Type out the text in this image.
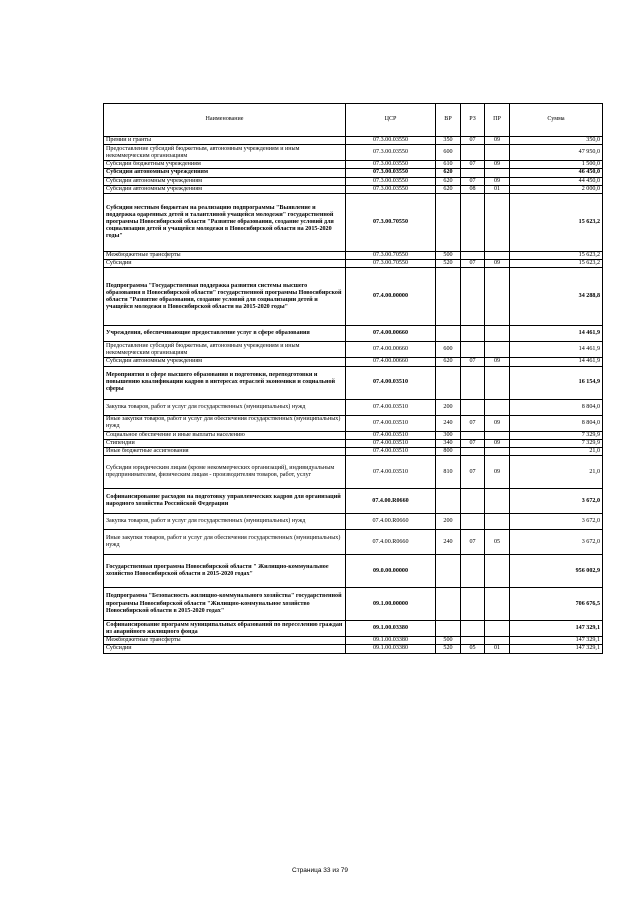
Наименование	ЦСР	ВР	РЗ	ПР	Сумма
Премии и гранты	07.3.00.03550	350	07	09	350,0
Предоставление субсидий бюджетным, автономным учреждениям и иным некоммерческим организациям	07.3.00.03550	600			47 950,0
Субсидии бюджетным учреждениям	07.3.00.03550	610	07	09	1 500,0
Субсидии автономным учреждениям	07.3.00.03550	620			46 450,0
Субсидии автономным учреждениям	07.3.00.03550	620	07	09	44 450,0
Субсидии автономным учреждениям	07.3.00.03550	620	08	01	2 000,0
Субсидии местным бюджетам на реализацию подпрограммы "Выявление и поддержка одаренных детей и талантливой учащейся молодежи" государственной программы Новосибирской области "Развитие образования, создание условий для социализации детей и учащейся молодежи в Новосибирской области на 2015-2020 годы"	07.3.00.70550				15 623,2
Межбюджетные трансферты	07.3.00.70550	500			15 623,2
Субсидии	07.3.00.70550	520	07	09	15 623,2
Подпрограмма "Государственная поддержка развития системы высшего образования в Новосибирской области" государственной программы Новосибирской области "Развитие образования, создание условий для социализации детей и учащейся молодежи в Новосибирской области на 2015-2020 годы"	07.4.00.00000				34 288,8
Учреждения, обеспечивающие предоставление услуг в сфере образования	07.4.00.00660				14 461,9
Предоставление субсидий бюджетным, автономным учреждениям и иным некоммерческим организациям	07.4.00.00660	600			14 461,9
Субсидии автономным учреждениям	07.4.00.00660	620	07	09	14 461,9
Мероприятия в сфере высшего образования и подготовки, переподготовки и повышению квалификации кадров в интересах отраслей экономики и социальной сферы	07.4.00.03510				16 154,9
Закупка товаров, работ и услуг для государственных (муниципальных) нужд	07.4.00.03510	200			8 804,0
Иные закупки товаров, работ и услуг для обеспечения государственных (муниципальных) нужд	07.4.00.03510	240	07	09	8 804,0
Социальное обеспечение и иные выплаты населению	07.4.00.03510	300			7 329,9
Стипендии	07.4.00.03510	340	07	09	7 329,9
Иные бюджетные ассигнования	07.4.00.03510	800			21,0
Субсидии юридическим лицам (кроме некоммерческих организаций), индивидуальным предпринимателям, физическим лицам - производителям товаров, работ, услуг	07.4.00.03510	810	07	09	21,0
Софинансирование расходов на подготовку управленческих кадров для организаций народного хозяйства Российской Федерации	07.4.00.R0660				3 672,0
Закупка товаров, работ и услуг для государственных (муниципальных) нужд	07.4.00.R0660	200			3 672,0
Иные закупки товаров, работ и услуг для обеспечения государственных (муниципальных) нужд	07.4.00.R0660	240	07	05	3 672,0
Государственная программа Новосибирской области " Жилищно-коммунальное хозяйство Новосибирской области в 2015-2020 годах"	09.0.00.00000				956 002,9
Подпрограмма "Безопасность жилищно-коммунального хозяйства" государственной программы Новосибирской области "Жилищно-коммунальное хозяйство Новосибирской области в 2015-2020 годах"	09.1.00.00000				706 676,5
Софинансирование программ муниципальных образований по переселению граждан из аварийного жилищного фонда	09.1.00.03380				147 329,1
Межбюджетные трансферты	09.1.00.03380	500			147 329,1
Субсидии	09.1.00.03380	520	05	01	147 329,1
Страница 33 из 79
